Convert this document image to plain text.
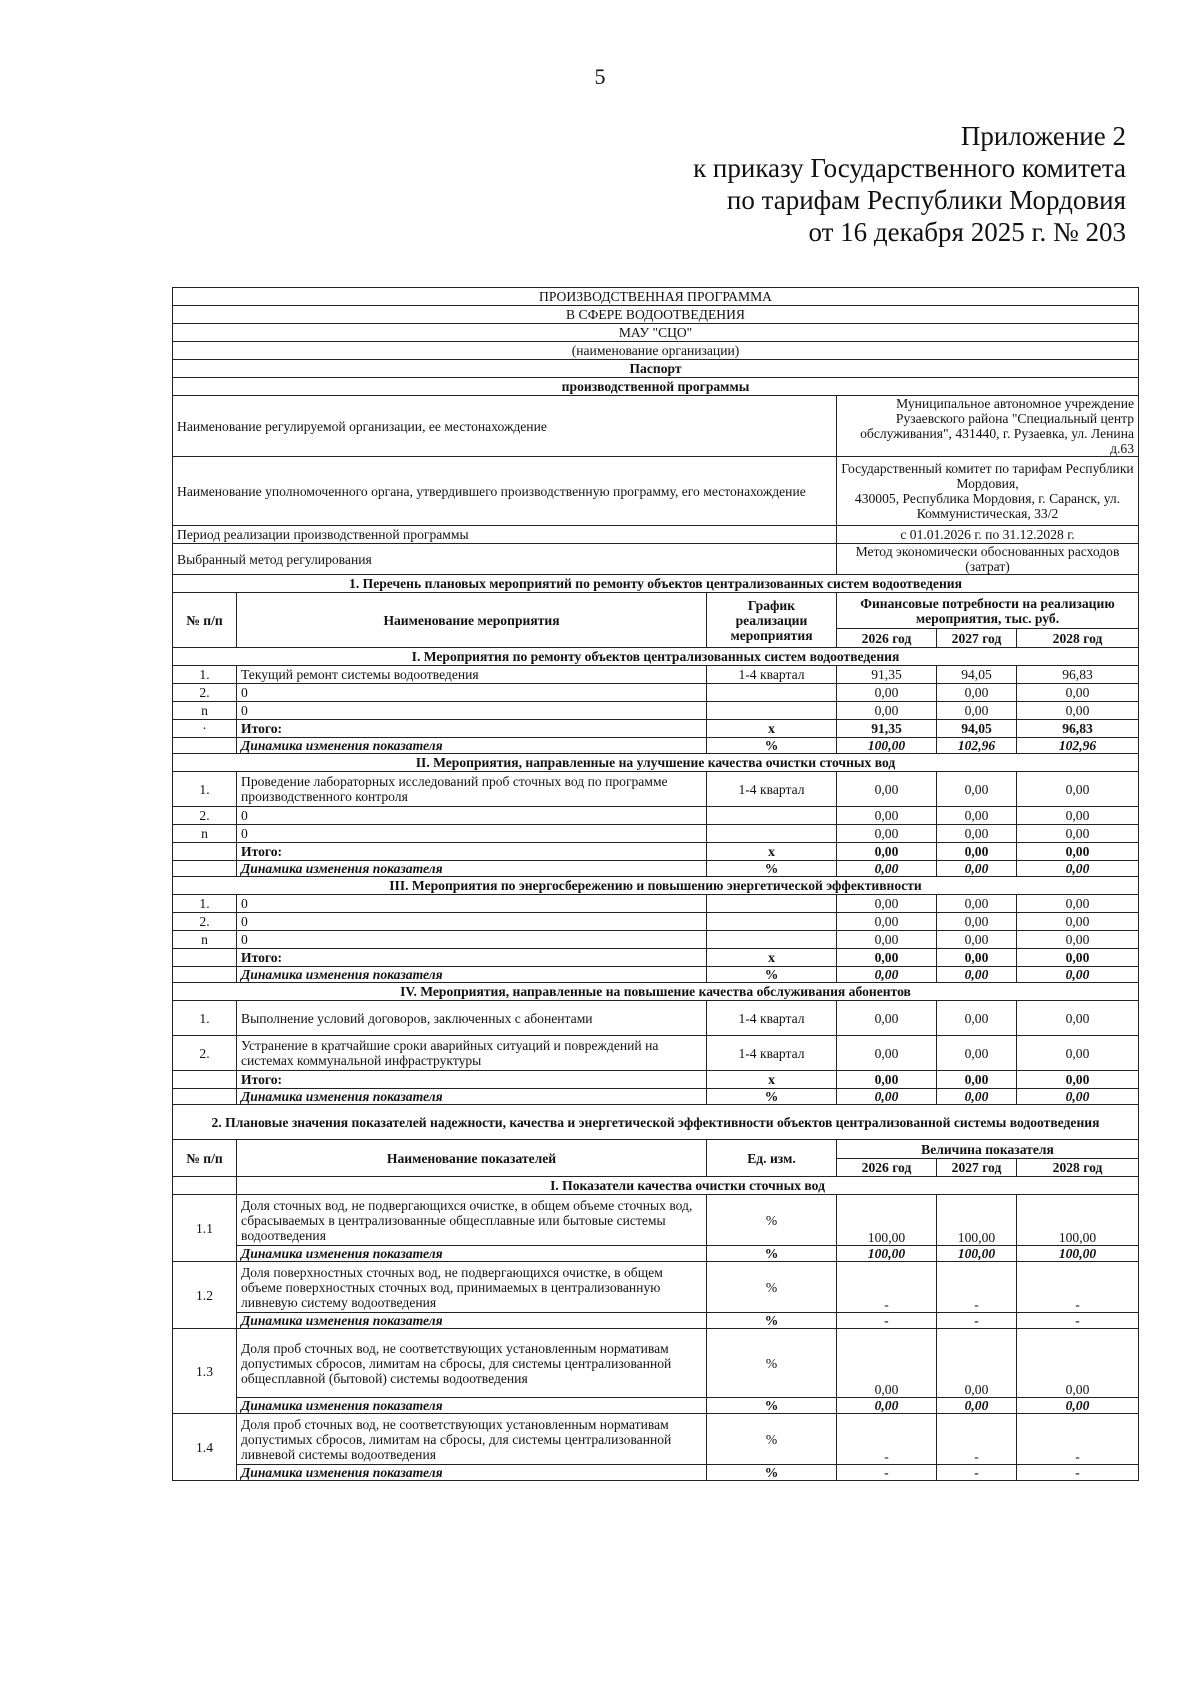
5
Приложение 2
к приказу Государственного комитета
по тарифам Республики Мордовия
от 16 декабря 2025 г. № 203
ПРОИЗВОДСТВЕННАЯ ПРОГРАММА					
В СФЕРЕ ВОДООТВЕДЕНИЯ					
МАУ "СЦО"					
(наименование организации)					
Паспорт					
производственной программы					
Наименование регулируемой организации, ее местонахождение			Муниципальное автономное учреждение Рузаевского района "Специальный центр обслуживания", 431440, г. Рузаевка, ул. Ленина д.63		
Наименование уполномоченного органа, утвердившего производственную программу, его местонахождение			Государственный комитет по тарифам Республики Мордовия,
430005, Республика Мордовия, г. Саранск, ул. Коммунистическая, 33/2		
Период реализации производственной программы			с 01.01.2026 г. по 31.12.2028 г.		
Выбранный метод регулирования			Метод экономически обоснованных расходов (затрат)		
1. Перечень плановых мероприятий по ремонту объектов централизованных систем водоотведения					
№ п/п	Наименование мероприятия	График реализации мероприятия	Финансовые потребности на реализацию мероприятия, тыс. руб.		
			2026 год	2027 год	2028 год
I. Мероприятия по ремонту объектов централизованных систем водоотведения					
1.	Текущий ремонт системы водоотведения	1-4 квартал	91,35	94,05	96,83
2.	0		0,00	0,00	0,00
n	0		0,00	0,00	0,00
·	Итого:	х	91,35	94,05	96,83
	Динамика изменения показателя	%	100,00	102,96	102,96
II. Мероприятия, направленные на улучшение качества очистки сточных вод					
1.	Проведение лабораторных исследований проб сточных вод по программе производственного контроля	1-4 квартал	0,00	0,00	0,00
2.	0		0,00	0,00	0,00
n	0		0,00	0,00	0,00
	Итого:	х	0,00	0,00	0,00
	Динамика изменения показателя	%	0,00	0,00	0,00
III. Мероприятия по энергосбережению и повышению энергетической эффективности					
1.	0		0,00	0,00	0,00
2.	0		0,00	0,00	0,00
n	0		0,00	0,00	0,00
	Итого:	х	0,00	0,00	0,00
	Динамика изменения показателя	%	0,00	0,00	0,00
IV. Мероприятия, направленные на повышение качества обслуживания абонентов					
1.	Выполнение условий договоров, заключенных с абонентами	1-4 квартал	0,00	0,00	0,00
2.	Устранение в кратчайшие сроки аварийных ситуаций и повреждений на системах коммунальной инфраструктуры	1-4 квартал	0,00	0,00	0,00
	Итого:	х	0,00	0,00	0,00
	Динамика изменения показателя	%	0,00	0,00	0,00
2. Плановые значения показателей надежности, качества и энергетической эффективности объектов централизованной системы водоотведения					
№ п/п	Наименование показателей	Ед. изм.	Величина показателя		
			2026 год	2027 год	2028 год
	I. Показатели качества очистки сточных вод				
1.1	Доля сточных вод, не подвергающихся очистке, в общем объеме сточных вод, сбрасываемых в централизованные общесплавные или бытовые системы водоотведения	%	100,00	100,00	100,00
	Динамика изменения показателя	%	100,00	100,00	100,00
1.2	Доля поверхностных сточных вод, не подвергающихся очистке, в общем объеме поверхностных сточных вод, принимаемых в централизованную ливневую систему водоотведения	%	-	-	-
	Динамика изменения показателя	%	-	-	-
1.3	Доля проб сточных вод, не соответствующих установленным нормативам допустимых сбросов, лимитам на сбросы, для системы централизованной общесплавной (бытовой) системы водоотведения	%	0,00	0,00	0,00
	Динамика изменения показателя	%	0,00	0,00	0,00
1.4	Доля проб сточных вод, не соответствующих установленным нормативам допустимых сбросов, лимитам на сбросы, для системы централизованной ливневой системы водоотведения	%	-	-	-
	Динамика изменения показателя	%	-	-	-
